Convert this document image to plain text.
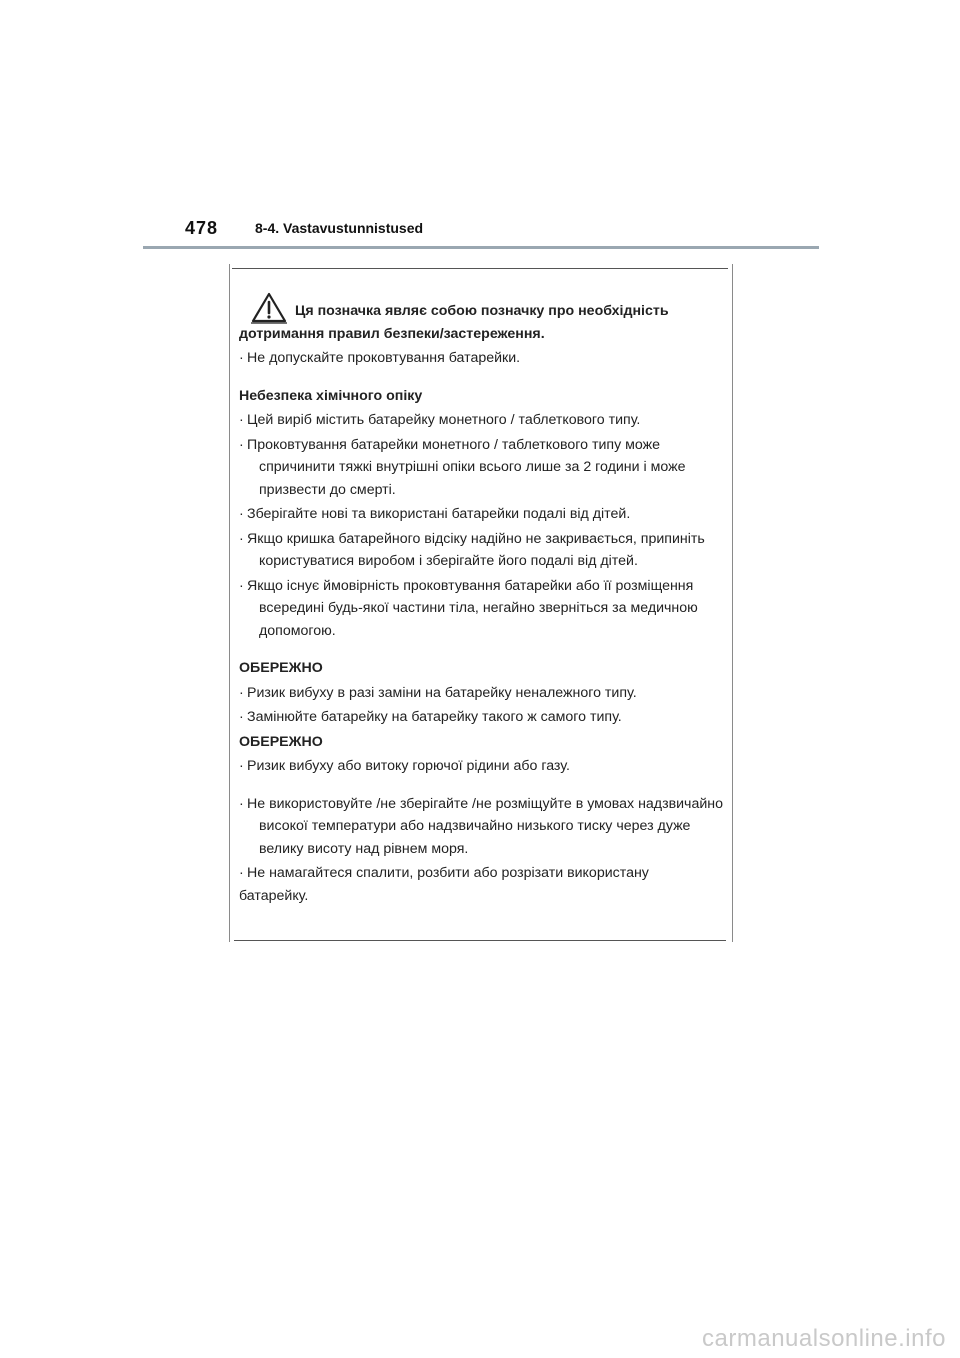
478	8-4. Vastavustunnistused
Ця позначка являє собою позначку про необхідність дотримання правил безпеки/застереження.
· Не допускайте проковтування батарейки.
Небезпека хімічного опіку
· Цей виріб містить батарейку монетного / таблеткового типу.
· Проковтування батарейки монетного / таблеткового типу може спричинити тяжкі внутрішні опіки всього лише за 2 години і може призвести до смерті.
· Зберігайте нові та використані батарейки подалі від дітей.
· Якщо кришка батарейного відсіку надійно не закривається, припиніть користуватися виробом і зберігайте його подалі від дітей.
· Якщо існує ймовірність проковтування батарейки або її розміщення всередині будь-якої частини тіла, негайно зверніться за медичною допомогою.
ОБЕРЕЖНО
· Ризик вибуху в разі заміни на батарейку неналежного типу.
· Замінюйте батарейку на батарейку такого ж самого типу.
ОБЕРЕЖНО
· Ризик вибуху або витоку горючої рідини або газу.
· Не використовуйте /не зберігайте /не розміщуйте в умовах надзвичайно високої температури або надзвичайно низького тиску через дуже велику висоту над рівнем моря.
· Не намагайтеся спалити, розбити або розрізати використану
батарейку.
carmanualsonline.info
